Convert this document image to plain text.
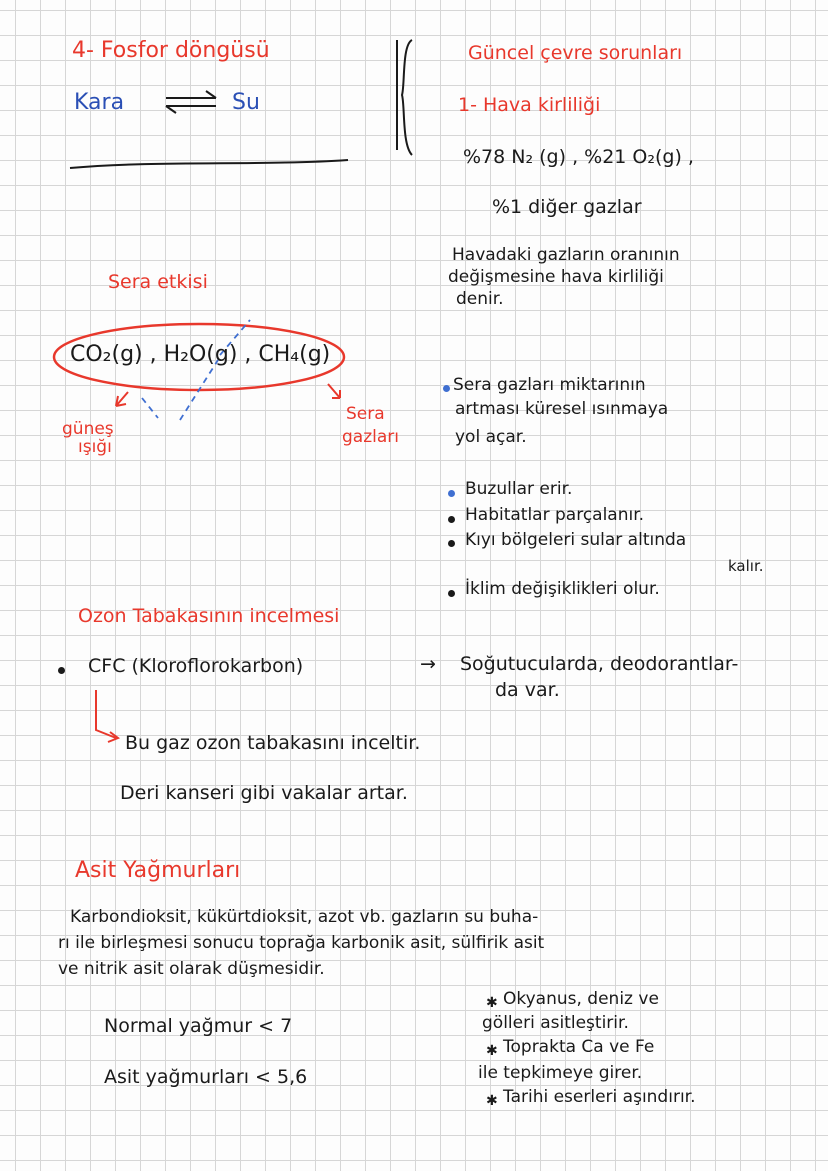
4- Fosfor döngüsü
Kara	Su
Güncel çevre sorunları
1- Hava kirliliği
%78 N₂ (g) , %21 O₂(g) ,
%1 diğer gazlar
Havadaki gazların oranının
değişmesine hava kirliliği
denir.
Sera etkisi
CO₂(g) , H₂O(g) , CH₄(g)
güneş
ışığı
Sera
gazları
Sera gazları miktarının
artması küresel ısınmaya
yol açar.
Buzullar erir.
Habitatlar parçalanır.
Kıyı bölgeleri sular altında
kalır.
İklim değişiklikleri olur.
Ozon Tabakasının incelmesi
CFC (Kloroflorokarbon)	→ Soğutucularda, deodorantlar-
da var.
Bu gaz ozon tabakasını inceltir.
Deri kanseri gibi vakalar artar.
Asit Yağmurları
Karbondioksit, kükürtdioksit, azot vb. gazların su buha-
rı ile birleşmesi sonucu toprağa karbonik asit, sülfirik asit
ve nitrik asit olarak düşmesidir.
Normal yağmur < 7
Asit yağmurları < 5,6
✱ Okyanus, deniz ve
gölleri asitleştirir.
✱ Toprakta Ca ve Fe
ile tepkimeye girer.
✱ Tarihi eserleri aşındırır.
